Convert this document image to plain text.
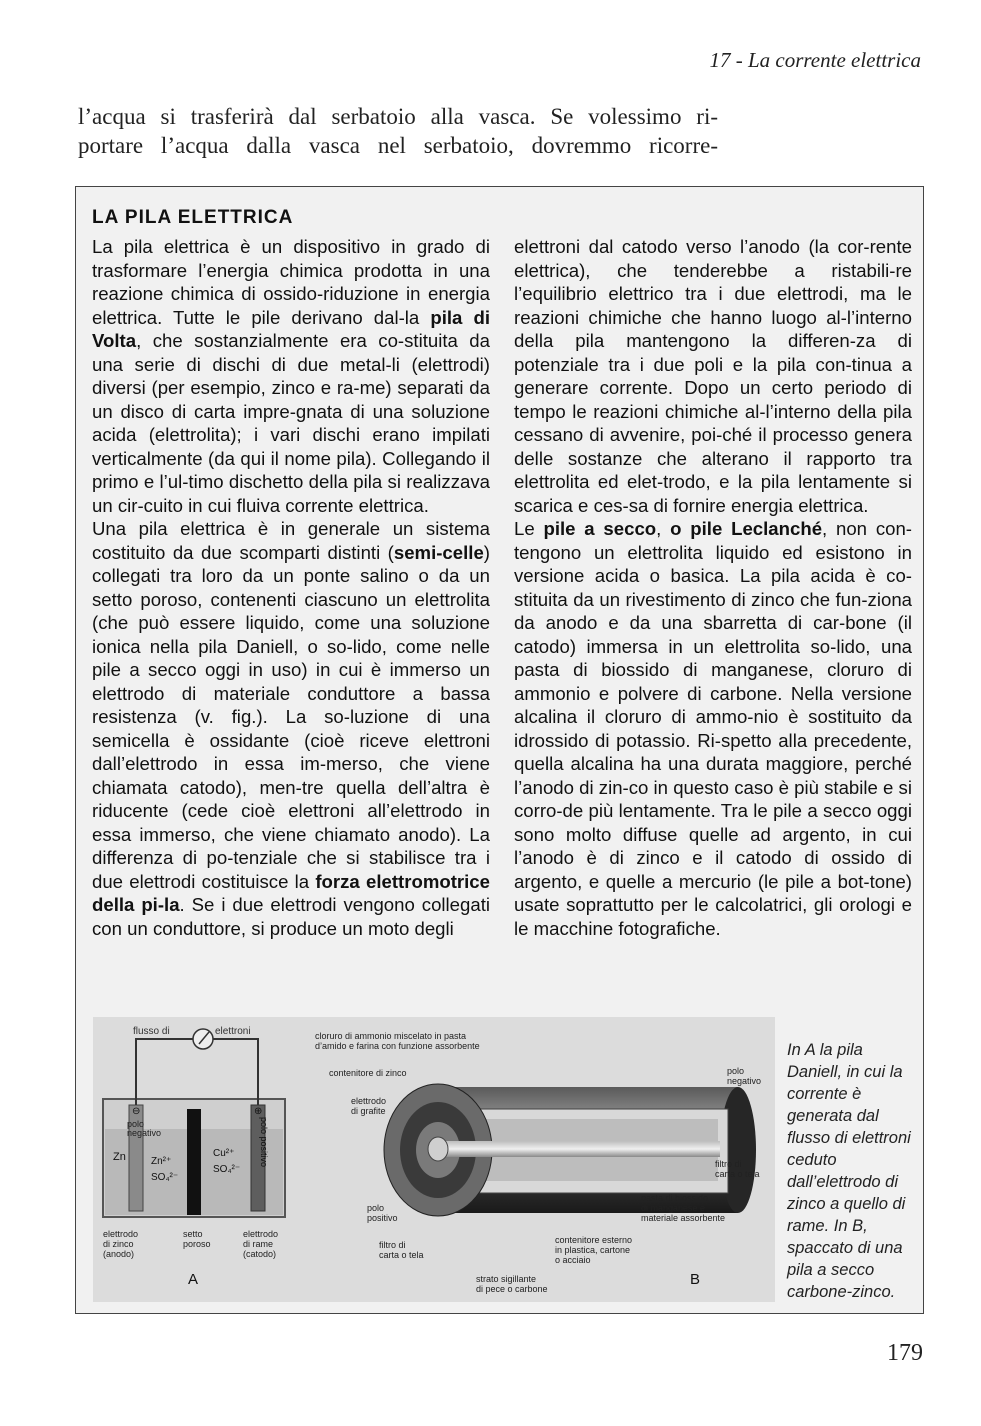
17 - La corrente elettrica
l’acqua si trasferirà dal serbatoio alla vasca. Se volessimo ri-
portare l’acqua dalla vasca nel serbatoio, dovremmo ricorre-
LA PILA ELETTRICA

La pila elettrica è un dispositivo in grado di trasformare l’energia chimica prodotta in una reazione chimica di ossido-riduzione in energia elettrica. Tutte le pile derivano dal-la pila di Volta, che sostanzialmente era co-stituita da una serie di dischi di due metal-li (elettrodi) diversi (per esempio, zinco e ra-me) separati da un disco di carta impre-gnata di una soluzione acida (elettrolita); i vari dischi erano impilati verticalmente (da qui il nome pila). Collegando il primo e l’ul-timo dischetto della pila si realizzava un cir-cuito in cui fluiva corrente elettrica.

Una pila elettrica è in generale un sistema costituito da due scomparti distinti (semi-celle) collegati tra loro da un ponte salino o da un setto poroso, contenenti ciascuno un elettrolita (che può essere liquido, come una soluzione ionica nella pila Daniell, o so-lido, come nelle pile a secco oggi in uso) in cui è immerso un elettrodo di materiale conduttore a bassa resistenza (v. fig.). La so-luzione di una semicella è ossidante (cioè riceve elettroni dall’elettrodo in essa im-merso, che viene chiamata catodo), men-tre quella dell’altra è riducente (cede cioè elettroni all’elettrodo in essa immerso, che viene chiamato anodo). La differenza di po-tenziale che si stabilisce tra i due elettrodi costituisce la forza elettromotrice della pi-la. Se i due elettrodi vengono collegati con un conduttore, si produce un moto degli

elettroni dal catodo verso l’anodo (la cor-rente elettrica), che tenderebbe a ristabili-re l’equilibrio elettrico tra i due elettrodi, ma le reazioni chimiche che hanno luogo al-l’interno della pila mantengono la differen-za di potenziale tra i due poli e la pila con-tinua a generare corrente. Dopo un certo periodo di tempo le reazioni chimiche al-l’interno della pila cessano di avvenire, poi-ché il processo genera delle sostanze che alterano il rapporto tra elettrolita ed elet-trodo, e la pila lentamente si scarica e ces-sa di fornire energia elettrica.

Le pile a secco, o pile Leclanché, non con-tengono un elettrolita liquido ed esistono in versione acida o basica. La pila acida è co-stituita da un rivestimento di zinco che fun-ziona da anodo e da una sbarretta di car-bone (il catodo) immersa in un elettrolita so-lido, una pasta di biossido di manganese, cloruro di ammonio e polvere di carbone. Nella versione alcalina il cloruro di ammo-nio è sostituito da idrossido di potassio. Ri-spetto alla precedente, quella alcalina ha una durata maggiore, perché l’anodo di zin-co in questo caso è più stabile e si corro-de più lentamente. Tra le pile a secco oggi sono molto diffuse quelle ad argento, in cui l’anodo è di zinco e il catodo di ossido di argento, e quelle a mercurio (le pile a bot-tone) usate soprattutto per le calcolatrici, gli orologi e le macchine fotografiche.

flusso di	elettroni
⊖	⊕
polo
negativo	polo positivo
Zn	Zn²⁺
SO₄²⁻
Cu²⁺
SO₄²⁻
elettrodo
di zinco
(anodo)
setto
poroso
elettrodo
di rame
(catodo)
A
cloruro di ammonio miscelato in pasta
d’amido e farina con funzione assorbente
contenitore di zinco
elettrodo
di grafite
polo
negativo
filtro di
carta o tela
pasta di biossido
di manganese e
materiale assorbente
polo
positivo
contenitore esterno
in plastica, cartone
o acciaio
filtro di
carta o tela
strato sigillante
di pece o carbone
B
In A la pila Daniell, in cui la corrente è generata dal flusso di elettroni ceduto dall’elettrodo di zinco a quello di rame. In B, spaccato di una pila a secco carbone-zinco.
179
